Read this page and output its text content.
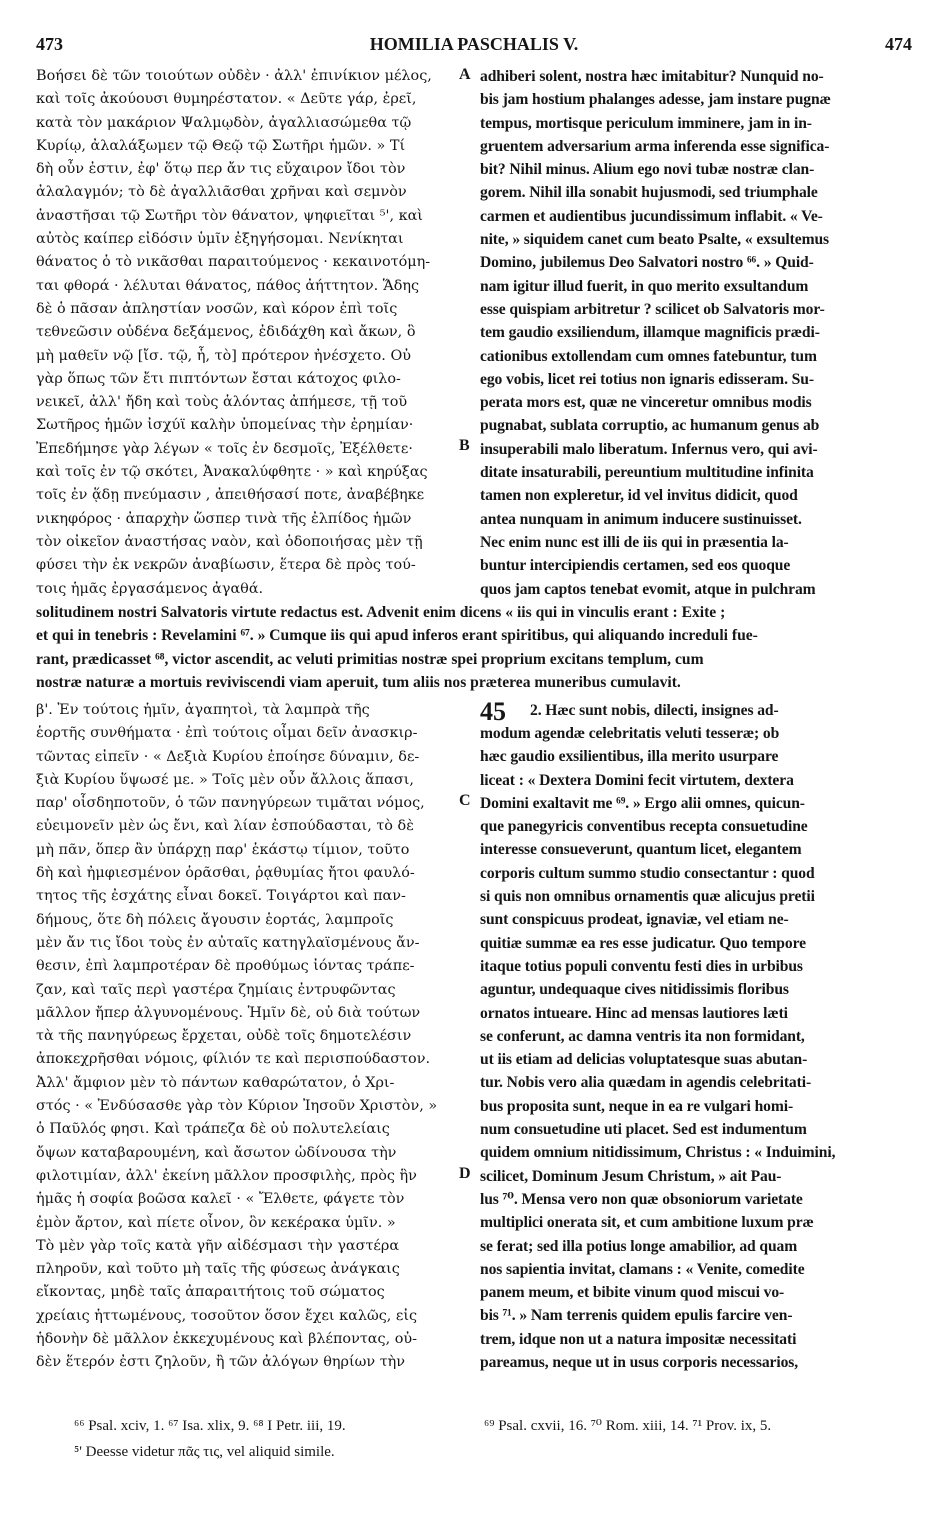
473	HOMILIA PASCHALIS V.	474
Βοήσει δὲ τῶν τοιούτων οὐδὲν · ἀλλ' ἐπινίκιον μέλος,
καὶ τοῖς ἀκούουσι θυμηρέστατον. « Δεῦτε γάρ, ἐρεῖ,
κατὰ τὸν μακάριον Ψαλμῳδὸν, ἀγαλλιασώμεθα τῷ
Κυρίῳ, ἀλαλάξωμεν τῷ Θεῷ τῷ Σωτῆρι ἡμῶν. » Τί
δὴ οὖν ἐστιν, ἐφ' ὅτῳ περ ἄν τις εὔχαιρον ἴδοι τὸν
ἀλαλαγμόν; τὸ δὲ ἀγαλλιᾶσθαι χρῆναι καὶ σεμνὸν
ἀναστῆσαι τῷ Σωτῆρι τὸν θάνατον, ψηφιεῖται ⁵', καὶ
αὐτὸς καίπερ εἰδόσιν ὑμῖν ἐξηγήσομαι. Νενίκηται
θάνατος ὁ τὸ νικᾶσθαι παραιτούμενος · κεκαινοτόμη-
ται φθορά · λέλυται θάνατος, πάθος ἀήττητον. Ἅδης
δὲ ὁ πᾶσαν ἀπληστίαν νοσῶν, καὶ κόρον ἐπὶ τοῖς
τεθνεῶσιν οὐδένα δεξάμενος, ἐδιδάχθη καὶ ἄκων, ὃ
μὴ μαθεῖν νῷ [ἴσ. τῷ, ἧ, τὸ] πρότερον ἠνέσχετο. Οὐ
γὰρ ὅπως τῶν ἔτι πιπτόντων ἔσται κάτοχος φιλο-
νεικεῖ, ἀλλ' ἤδη καὶ τοὺς ἁλόντας ἀπήμεσε, τῇ τοῦ
Σωτῆρος ἡμῶν ἰσχύϊ καλὴν ὑπομείνας τὴν ἐρημίαν·
Ἐπεδήμησε γὰρ λέγων « τοῖς ἐν δεσμοῖς, Ἐξέλθετε·
καὶ τοῖς ἐν τῷ σκότει, Ἀνακαλύφθητε · » καὶ κηρύξας
τοῖς ἐν ᾅδῃ πνεύμασιν , ἀπειθήσασί ποτε, ἀναβέβηκε
νικηφόρος · ἀπαρχὴν ὥσπερ τινὰ τῆς ἐλπίδος ἡμῶν
τὸν οἰκεῖον ἀναστήσας ναὸν, καὶ ὁδοποιήσας μὲν τῇ
φύσει τὴν ἐκ νεκρῶν ἀναβίωσιν, ἕτερα δὲ πρὸς τού-
τοις ἡμᾶς ἐργασάμενος ἀγαθά.
adhiberi solent, nostra hæc imitabitur? Nunquid no-
bis jam hostium phalanges adesse, jam instare pugnæ
tempus, mortisque periculum imminere, jam in in-
gruentem adversarium arma inferenda esse significa-
bit? Nihil minus. Alium ego novi tubæ nostræ clan-
gorem. Nihil illa sonabit hujusmodi, sed triumphale
carmen et audientibus jucundissimum inflabit. « Ve-
nite, » siquidem canet cum beato Psalte, « exsultemus
Domino, jubilemus Deo Salvatori nostro ⁶⁶. » Quid-
nam igitur illud fuerit, in quo merito exsultandum
esse quispiam arbitretur ? scilicet ob Salvatoris mor-
tem gaudio exsiliendum, illamque magnificis prædi-
cationibus extollendam cum omnes fatebuntur, tum
ego vobis, licet rei totius non ignaris edisseram. Su-
perata mors est, quæ ne vinceretur omnibus modis
pugnabat, sublata corruptio, ac humanum genus ab
insuperabili malo liberatum. Infernus vero, qui avi-
ditate insaturabili, pereuntium multitudine infinita
tamen non expleretur, id vel invitus didicit, quod
antea nunquam in animum inducere sustinuisset.
Nec enim nunc est illi de iis qui in præsentia la-
buntur intercipiendis certamen, sed eos quoque
quos jam captos tenebat evomit, atque in pulchram
A
B
solitudinem nostri Salvatoris virtute redactus est. Advenit enim dicens « iis qui in vinculis erant : Exite ;
et qui in tenebris : Revelamini ⁶⁷. » Cumque iis qui apud inferos erant spiritibus, qui aliquando increduli fue-
rant, prædicasset ⁶⁸, victor ascendit, ac veluti primitias nostræ spei proprium excitans templum, cum
nostræ naturæ a mortuis reviviscendi viam aperuit, tum aliis nos præterea muneribus cumulavit.
β'. Ἐν τούτοις ἡμῖν, ἀγαπητοὶ, τὰ λαμπρὰ τῆς
ἑορτῆς συνθήματα · ἐπὶ τούτοις οἶμαι δεῖν ἀνασκιρ-
τῶντας εἰπεῖν · « Δεξιὰ Κυρίου ἐποίησε δύναμιν, δε-
ξιὰ Κυρίου ὕψωσέ με. » Τοῖς μὲν οὖν ἄλλοις ἅπασι,
παρ' οἷσδηποτοῦν, ὁ τῶν πανηγύρεων τιμᾶται νόμος,
εὐειμονεῖν μὲν ὡς ἔνι, καὶ λίαν ἐσπούδασται, τὸ δὲ
μὴ πᾶν, ὅπερ ἂν ὑπάρχῃ παρ' ἑκάστῳ τίμιον, τοῦτο
δὴ καὶ ἠμφιεσμένον ὁρᾶσθαι, ῥᾳθυμίας ἤτοι φαυλό-
τητος τῆς ἐσχάτης εἶναι δοκεῖ. Τοιγάρτοι καὶ παν-
δήμους, ὅτε δὴ πόλεις ἄγουσιν ἑορτάς, λαμπροῖς
μὲν ἄν τις ἴδοι τοὺς ἐν αὐταῖς κατηγλαϊσμένους ἄν-
θεσιν, ἐπὶ λαμπροτέραν δὲ προθύμως ἰόντας τράπε-
ζαν, καὶ ταῖς περὶ γαστέρα ζημίαις ἐντρυφῶντας
μᾶλλον ἤπερ ἀλγυνομένους. Ἡμῖν δὲ, οὐ διὰ τούτων
τὰ τῆς πανηγύρεως ἔρχεται, οὐδὲ τοῖς δημοτελέσιν
ἀποκεχρῆσθαι νόμοις, φίλιόν τε καὶ περισπούδαστον.
Ἀλλ' ἄμφιον μὲν τὸ πάντων καθαρώτατον, ὁ Χρι-
στός · « Ἐνδύσασθε γὰρ τὸν Κύριον Ἰησοῦν Χριστὸν, »
ὁ Παῦλός φησι. Καὶ τράπεζα δὲ οὐ πολυτελείαις
ὄψων καταβαρουμένη, καὶ ἄσωτον ὠδίνουσα τὴν
φιλοτιμίαν, ἀλλ' ἐκείνη μᾶλλον προσφιλὴς, πρὸς ἣν
ἡμᾶς ἡ σοφία βοῶσα καλεῖ · « Ἔλθετε, φάγετε τὸν
ἐμὸν ἄρτον, καὶ πίετε οἶνον, ὃν κεκέρακα ὑμῖν. »
Τὸ μὲν γὰρ τοῖς κατὰ γῆν αἰδέσμασι τὴν γαστέρα
πληροῦν, καὶ τοῦτο μὴ ταῖς τῆς φύσεως ἀνάγκαις
εἴκοντας, μηδὲ ταῖς ἀπαραιτήτοις τοῦ σώματος
χρείαις ἡττωμένους, τοσοῦτον ὅσον ἔχει καλῶς, εἰς
ἡδονὴν δὲ μᾶλλον ἐκκεχυμένους καὶ βλέποντας, οὐ-
δὲν ἕτερόν ἐστι ζηλοῦν, ἢ τῶν ἀλόγων θηρίων τὴν
45 2. Hæc sunt nobis, dilecti, insignes ad-
modum agendæ celebritatis veluti tesseræ; ob
hæc gaudio exsilientibus, illa merito usurpare
liceat : « Dextera Domini fecit virtutem, dextera
Domini exaltavit me ⁶⁹. » Ergo alii omnes, quicun-
que panegyricis conventibus recepta consuetudine
interesse consueverunt, quantum licet, elegantem
corporis cultum summo studio consectantur : quod
si quis non omnibus ornamentis quæ alicujus pretii
sunt conspicuus prodeat, ignaviæ, vel etiam ne-
quitiæ summæ ea res esse judicatur. Quo tempore
itaque totius populi conventu festi dies in urbibus
aguntur, undequaque cives nitidissimis floribus
ornatos intueare. Hinc ad mensas lautiores læti
se conferunt, ac damna ventris ita non formidant,
ut iis etiam ad delicias voluptatesque suas abutan-
tur. Nobis vero alia quædam in agendis celebritati-
bus proposita sunt, neque in ea re vulgari homi-
num consuetudine uti placet. Sed est indumentum
quidem omnium nitidissimum, Christus : « Induimini,
scilicet, Dominum Jesum Christum, » ait Pau-
lus ⁷⁰. Mensa vero non quæ obsoniorum varietate
multiplici onerata sit, et cum ambitione luxum præ
se ferat; sed illa potius longe amabilior, ad quam
nos sapientia invitat, clamans : « Venite, comedite
panem meum, et bibite vinum quod miscui vo-
bis ⁷¹. » Nam terrenis quidem epulis farcire ven-
trem, idque non ut a natura impositæ necessitati
pareamus, neque ut in usus corporis necessarios,
C
D
⁶⁶ Psal. xciv, 1. ⁶⁷ Isa. xlix, 9. ⁶⁸ I Petr. iii, 19.	⁶⁹ Psal. cxvii, 16. ⁷⁰ Rom. xiii, 14. ⁷¹ Prov. ix, 5.
⁵' Deesse videtur πᾶς τις, vel aliquid simile.
